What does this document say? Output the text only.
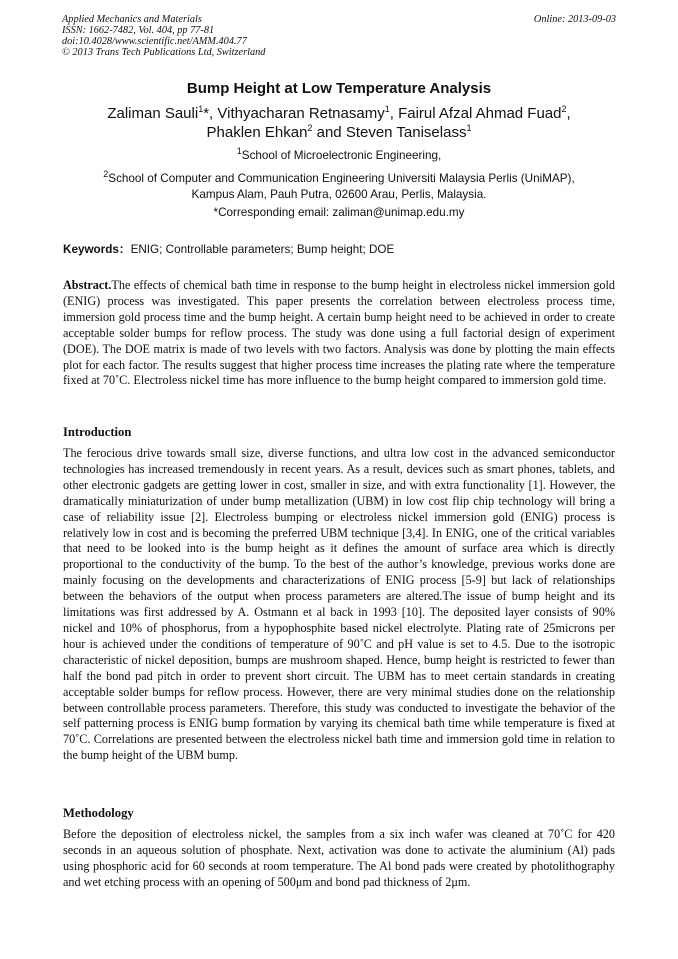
Applied Mechanics and Materials
ISSN: 1662-7482, Vol. 404, pp 77-81
doi:10.4028/www.scientific.net/AMM.404.77
© 2013 Trans Tech Publications Ltd, Switzerland
Online: 2013-09-03
Bump Height at Low Temperature Analysis
Zaliman Sauli$^1$*, Vithyacharan Retnasamy$^1$, Fairul Afzal Ahmad Fuad$^2$,
Phaklen Ehkan$^2$ and Steven Taniselass$^1$
$^1$School of Microelectronic Engineering,
$^2$School of Computer and Communication Engineering Universiti Malaysia Perlis (UniMAP),
Kampus Alam, Pauh Putra, 02600 Arau, Perlis, Malaysia.
*Corresponding email: zaliman@unimap.edu.my
Keywords：ENIG; Controllable parameters; Bump height; DOE
Abstract.The effects of chemical bath time in response to the bump height in electroless nickel immersion gold (ENIG) process was investigated. This paper presents the correlation between electroless process time, immersion gold process time and the bump height. A certain bump height need to be achieved in order to create acceptable solder bumps for reflow process. The study was done using a full factorial design of experiment (DOE). The DOE matrix is made of two levels with two factors. Analysis was done by plotting the main effects plot for each factor. The results suggest that higher process time increases the plating rate where the temperature fixed at 70˚C. Electroless nickel time has more influence to the bump height compared to immersion gold time.
Introduction
The ferocious drive towards small size, diverse functions, and ultra low cost in the advanced semiconductor technologies has increased tremendously in recent years. As a result, devices such as smart phones, tablets, and other electronic gadgets are getting lower in cost, smaller in size, and with extra functionality [1]. However, the dramatically miniaturization of under bump metallization (UBM) in low cost flip chip technology will bring a case of reliability issue [2]. Electroless bumping or electroless nickel immersion gold (ENIG) process is relatively low in cost and is becoming the preferred UBM technique [3,4]. In ENIG, one of the critical variables that need to be looked into is the bump height as it defines the amount of surface area which is directly proportional to the conductivity of the bump. To the best of the author’s knowledge, previous works done are mainly focusing on the developments and characterizations of ENIG process [5-9] but lack of relationships between the behaviors of the output when process parameters are altered.The issue of bump height and its limitations was first addressed by A. Ostmann et al back in 1993 [10]. The deposited layer consists of 90% nickel and 10% of phosphorus, from a hypophosphite based nickel electrolyte. Plating rate of 25microns per hour is achieved under the conditions of temperature of 90˚C and pH value is set to 4.5. Due to the isotropic characteristic of nickel deposition, bumps are mushroom shaped. Hence, bump height is restricted to fewer than half the bond pad pitch in order to prevent short circuit. The UBM has to meet certain standards in creating acceptable solder bumps for reflow process. However, there are very minimal studies done on the relationship between controllable process parameters. Therefore, this study was conducted to investigate the behavior of the self patterning process is ENIG bump formation by varying its chemical bath time while temperature is fixed at 70˚C. Correlations are presented between the electroless nickel bath time and immersion gold time in relation to the bump height of the UBM bump.
Methodology
Before the deposition of electroless nickel, the samples from a six inch wafer was cleaned at 70˚C for 420 seconds in an aqueous solution of phosphate. Next, activation was done to activate the aluminium (Al) pads using phosphoric acid for 60 seconds at room temperature. The Al bond pads were created by photolithography and wet etching process with an opening of 500μm and bond pad thickness of 2μm.
